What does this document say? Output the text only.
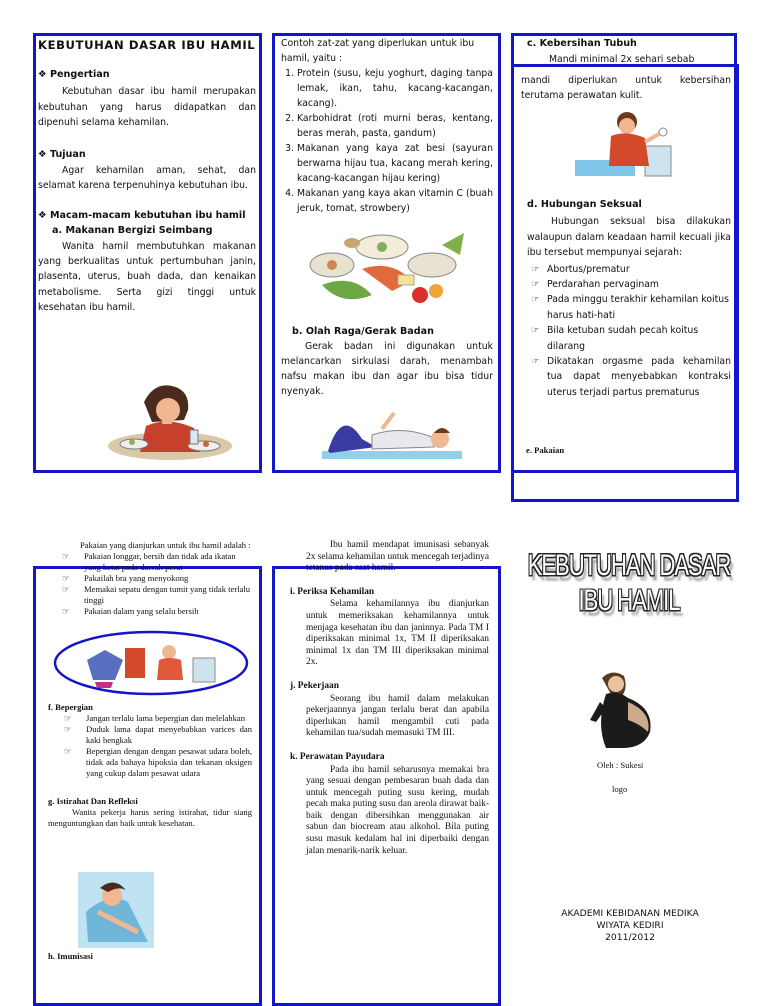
KEBUTUHAN DASAR IBU HAMIL
❖ Pengertian

Kebutuhan dasar ibu hamil merupakan kebutuhan yang harus didapatkan dan dipenuhi selama kehamilan.

❖ Tujuan

Agar kehamilan aman, sehat, dan selamat karena terpenuhinya kebutuhan ibu.

❖ Macam-macam kebutuhan ibu hamil
a. Makanan Bergizi Seimbang

Wanita hamil membutuhkan makanan yang berkualitas untuk pertumbuhan janin, plasenta, uterus, buah dada, dan kenaikan metabolisme. Serta gizi tinggi untuk kesehatan ibu hamil.

Contoh zat-zat yang diperlukan untuk ibu hamil, yaitu :

1. Protein (susu, keju yoghurt, daging tanpa lemak, ikan, tahu, kacang-kacangan, kacang).
2. Karbohidrat (roti murni beras, kentang, beras merah, pasta, gandum)
3. Makanan yang kaya zat besi (sayuran berwarna hijau tua, kacang merah kering, kacang-kacangan hijau kering)
4. Makanan yang kaya akan vitamin C (buah jeruk, tomat, strowbery)
b. Olah Raga/Gerak Badan

Gerak badan ini digunakan untuk melancarkan sirkulasi darah, menambah nafsu makan ibu dan agar ibu bisa tidur nyenyak.

c. Kebersihan Tubuh

Mandi minimal 2x sehari sebab

mandi diperlukan untuk kebersihan terutama perawatan kulit.

d. Hubungan Seksual

Hubungan seksual bisa dilakukan walaupun dalam keadaan hamil kecuali jika ibu tersebut mempunyai sejarah:

☞ Abortus/prematur
☞ Perdarahan pervaginam
☞ Pada minggu terakhir kehamilan koitus harus hati-hati
☞ Bila ketuban sudah pecah koitus dilarang
☞ Dikatakan orgasme pada kehamilan tua dapat menyebabkan kontraksi uterus terjadi partus prematurus
e. Pakaian

Pakaian yang dianjurkan untuk ibu hamil adalah :

☞ Pakaian longgar, bersih dan tidak ada ikatan yang ketat pada daerah perut
☞ Pakailah bra yang menyokong
☞ Memakai sepatu dengan tumit yang tidak terlalu tinggi
☞ Pakaian dalam yang selalu bersih
f. Bepergian
☞ Jangan terlalu lama bepergian dan melelahkan
☞ Duduk lama dapat menyebabkan varices dan kaki bengkak
☞ Bepergian dengan dengan pesawat udara boleh, tidak ada bahaya hipoksia dan tekanan oksigen yang cukup dalam pesawat udara
g. Istirahat Dan Refleksi

Wanita pekerja harus sering istirahat, tidur siang menguntungkan dan baik untuk kesehatan.

h. Imunisasi

Ibu hamil mendapat imunisasi sebanyak 2x selama kehamilan untuk mencegah terjadinya tetanus pada saat hamil.

i. Periksa Kehamilan

Selama kehamilannya ibu dianjurkan untuk memeriksakan kehamilannya untuk menjaga kesehatan ibu dan janinnya. Pada TM I diperiksakan minimal 1x, TM II diperiksakan minimal 1x dan TM III diperiksakan minimal 2x.

j. Pekerjaan

Seorang ibu hamil dalam melakukan pekerjaannya jangan terlalu berat dan apabila diperlukan hamil mengambil cuti pada kehamilan tua/sudah memasuki TM III.

k. Perawatan Payudara

Pada ibu hamil seharusnya memakai bra yang sesuai dengan pembesaran buah dada dan untuk mencegah puting susu kering, mudah pecah maka puting susu dan areola dirawat baik-baik dengan dibersihkan menggunakan air sabun dan biocream atau alkohol. Bila puting susu masuk kedalam hal ini diperbaiki dengan jalan menarik-narik keluar.

KEBUTUHAN DASAR
IBU HAMIL
Oleh : Sukesi
logo
AKADEMI KEBIDANAN MEDIKA
WIYATA KEDIRI
2011/2012
